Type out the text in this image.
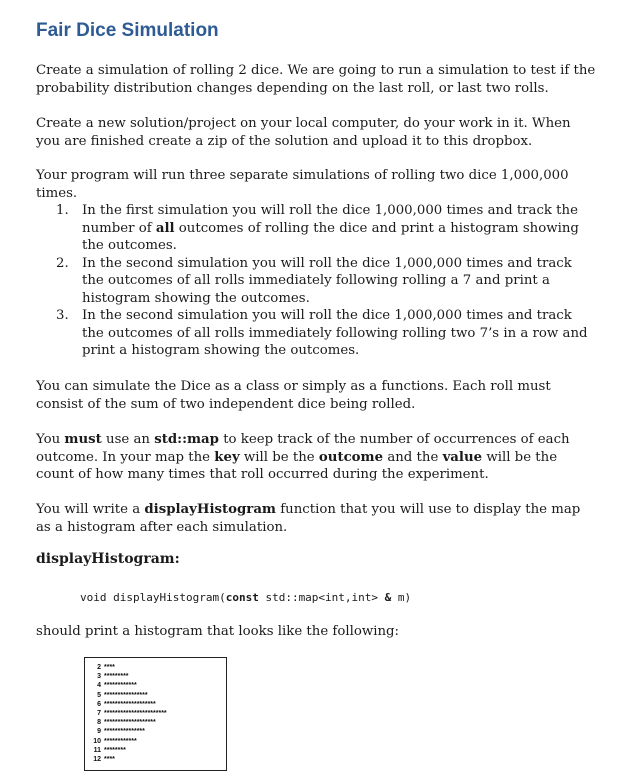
Fair Dice Simulation

Create a simulation of rolling 2 dice. We are going to run a simulation to test if the probability distribution changes depending on the last roll, or last two rolls.

Create a new solution/project on your local computer, do your work in it. When you are finished create a zip of the solution and upload it to this dropbox.

Your program will run three separate simulations of rolling two dice 1,000,000 times.

1. In the first simulation you will roll the dice 1,000,000 times and track the number of all outcomes of rolling the dice and print a histogram showing the outcomes.
2. In the second simulation you will roll the dice 1,000,000 times and track the outcomes of all rolls immediately following rolling a 7 and print a histogram showing the outcomes.
3. In the second simulation you will roll the dice 1,000,000 times and track the outcomes of all rolls immediately following rolling two 7’s in a row and print a histogram showing the outcomes.

You can simulate the Dice as a class or simply as a functions. Each roll must consist of the sum of two independent dice being rolled.

You must use an std::map to keep track of the number of occurrences of each outcome. In your map the key will be the outcome and the value will be the count of how many times that roll occurred during the experiment.

You will write a displayHistogram function that you will use to display the map as a histogram after each simulation.

displayHistogram:
void displayHistogram(const std::map<int,int> & m)

should print a histogram that looks like the following:

2 ****
3 *********
4 ************
5 ****************
6 *******************
7 ***********************
8 *******************
9 ***************
10 ************
11 ********
12 ****
